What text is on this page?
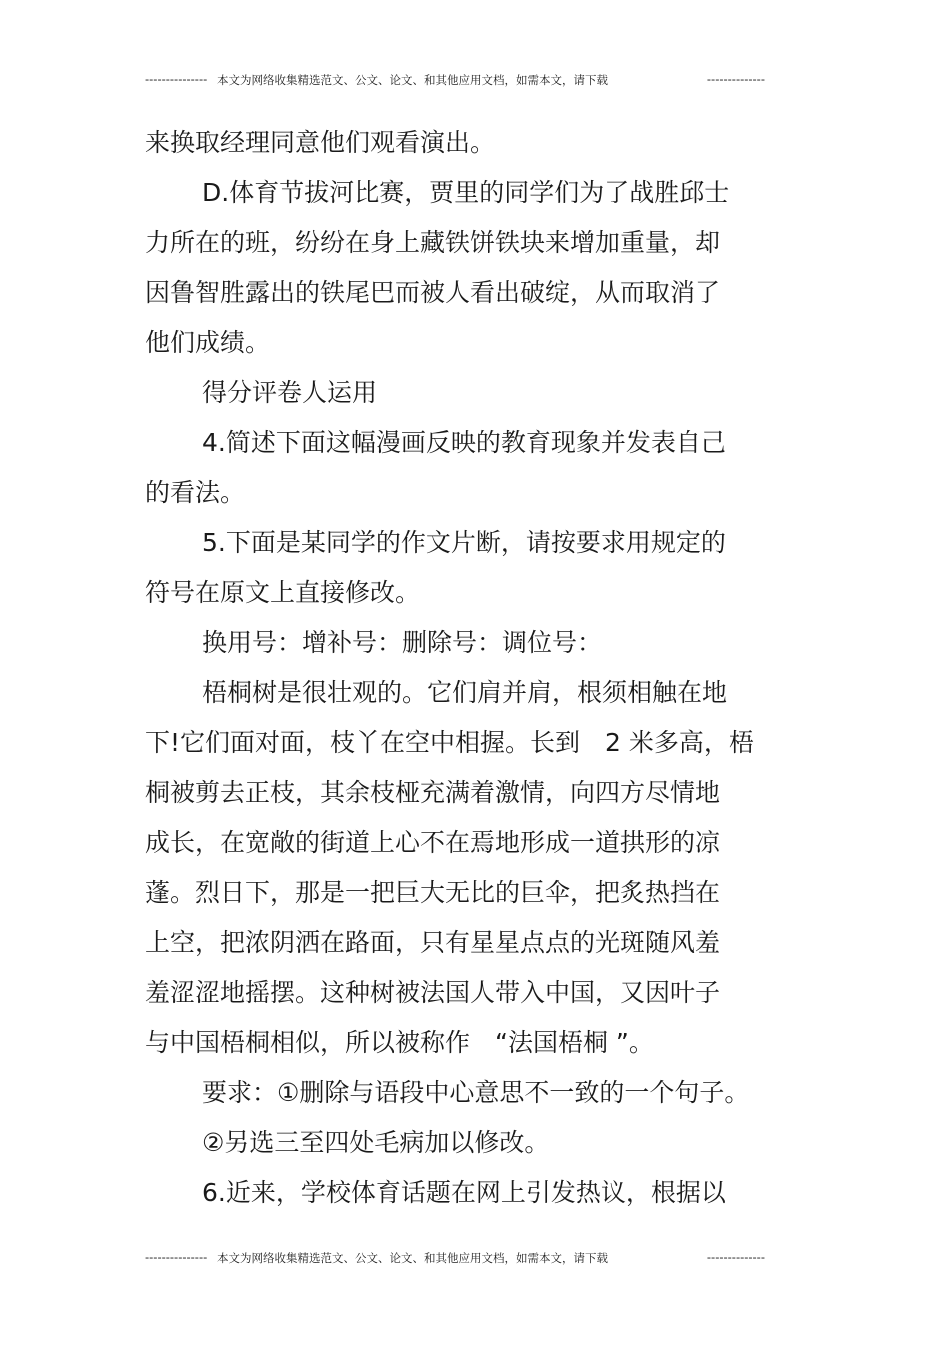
--------------- 本文为网络收集精选范文、公文、论文、和其他应用文档，如需本文，请下载	--------------
来换取经理同意他们观看演出。
D.体育节拔河比赛，贾里的同学们为了战胜邱士
力所在的班，纷纷在身上藏铁饼铁块来增加重量，却
因鲁智胜露出的铁尾巴而被人看出破绽，从而取消了
他们成绩。
得分评卷人运用
4.简述下面这幅漫画反映的教育现象并发表自己
的看法。
5.下面是某同学的作文片断，请按要求用规定的
符号在原文上直接修改。
换用号：增补号：删除号：调位号：
梧桐树是很壮观的。它们肩并肩，根须相触在地
下!它们面对面，枝丫在空中相握。长到　2 米多高，梧
桐被剪去正枝，其余枝桠充满着激情，向四方尽情地
成长，在宽敞的街道上心不在焉地形成一道拱形的凉
蓬。烈日下，那是一把巨大无比的巨伞，把炙热挡在
上空，把浓阴洒在路面，只有星星点点的光斑随风羞
羞涩涩地摇摆。这种树被法国人带入中国，又因叶子
与中国梧桐相似，所以被称作　“法国梧桐 ”。
要求：①删除与语段中心意思不一致的一个句子。
②另选三至四处毛病加以修改。
6.近来，学校体育话题在网上引发热议，根据以
--------------- 本文为网络收集精选范文、公文、论文、和其他应用文档，如需本文，请下载	--------------
